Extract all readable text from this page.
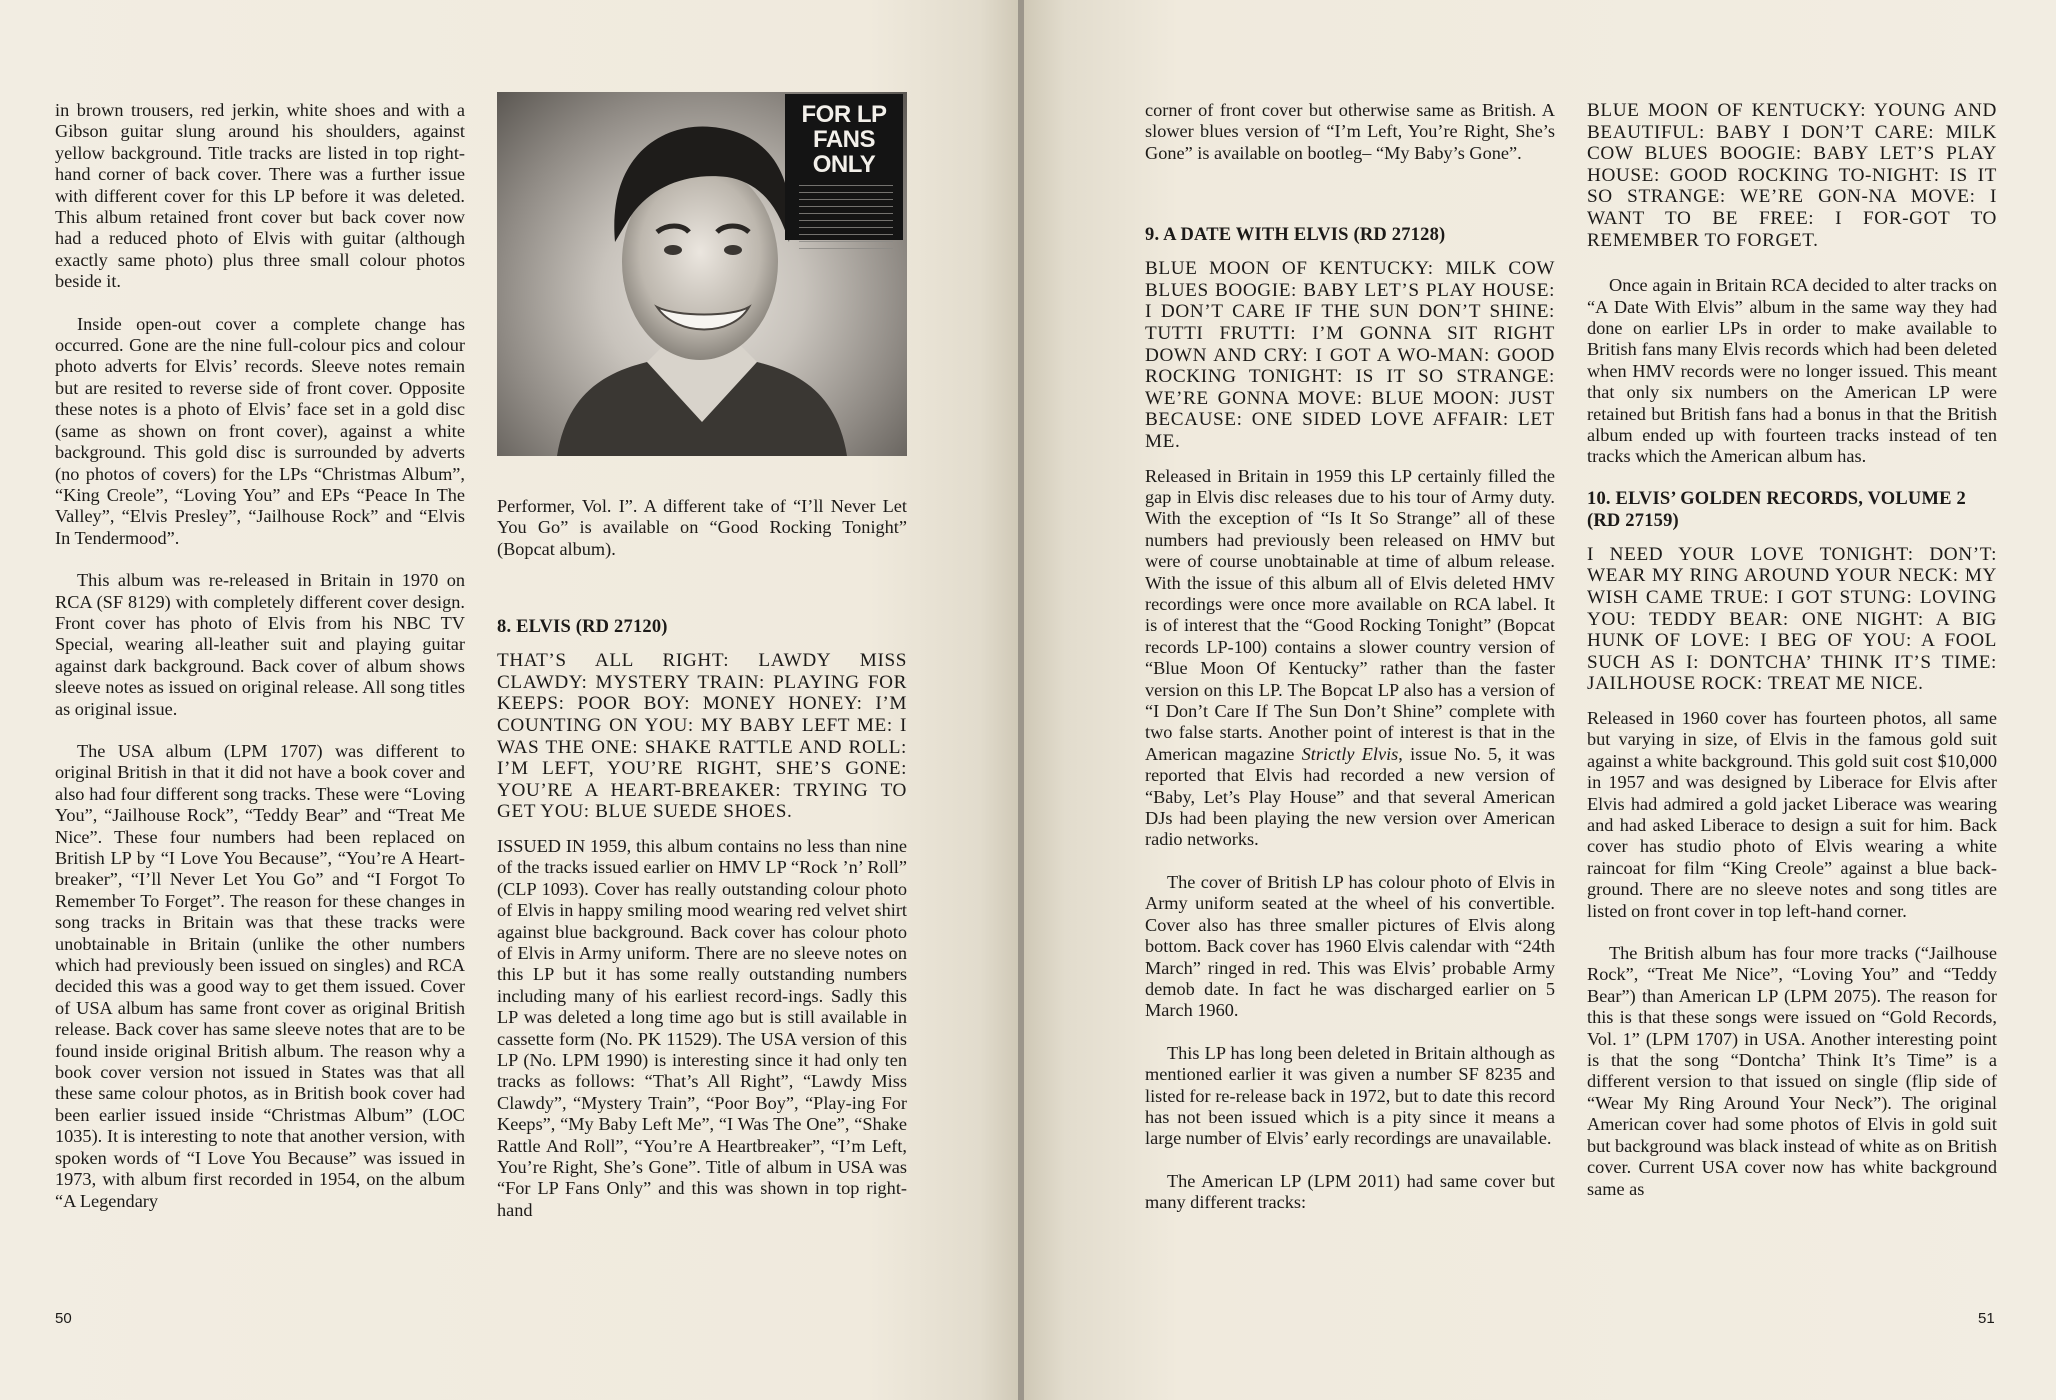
in brown trousers, red jerkin, white shoes and with a Gibson guitar slung around his shoulders, against yellow background. Title tracks are listed in top right-hand corner of back cover. There was a further issue with different cover for this LP before it was deleted. This album retained front cover but back cover now had a reduced photo of Elvis with guitar (although exactly same photo) plus three small colour photos beside it.

Inside open-out cover a complete change has occurred. Gone are the nine full-colour pics and colour photo adverts for Elvis’ records. Sleeve notes remain but are resited to reverse side of front cover. Opposite these notes is a photo of Elvis’ face set in a gold disc (same as shown on front cover), against a white background. This gold disc is surrounded by adverts (no photos of covers) for the LPs “Christmas Album”, “King Creole”, “Loving You” and EPs “Peace In The Valley”, “Elvis Presley”, “Jailhouse Rock” and “Elvis In Tendermood”.

This album was re-released in Britain in 1970 on RCA (SF 8129) with completely different cover design. Front cover has photo of Elvis from his NBC TV Special, wearing all-leather suit and playing guitar against dark background. Back cover of album shows sleeve notes as issued on original release. All song titles as original issue.

The USA album (LPM 1707) was different to original British in that it did not have a book cover and also had four different song tracks. These were “Loving You”, “Jailhouse Rock”, “Teddy Bear” and “Treat Me Nice”. These four numbers had been replaced on British LP by “I Love You Because”, “You’re A Heart-breaker”, “I’ll Never Let You Go” and “I Forgot To Remember To Forget”. The reason for these changes in song tracks in Britain was that these tracks were unobtainable in Britain (unlike the other numbers which had previously been issued on singles) and RCA decided this was a good way to get them issued. Cover of USA album has same front cover as original British release. Back cover has same sleeve notes that are to be found inside original British album. The reason why a book cover version not issued in States was that all these same colour photos, as in British book cover had been earlier issued inside “Christmas Album” (LOC 1035). It is interesting to note that another version, with spoken words of “I Love You Because” was issued in 1973, with album first recorded in 1954, on the album “A Legendary

FOR LP
FANS ONLY

Performer, Vol. I”. A different take of “I’ll Never Let You Go” is available on “Good Rocking Tonight” (Bopcat album).

8. ELVIS (RD 27120)

THAT’S ALL RIGHT: LAWDY MISS CLAWDY: MYSTERY TRAIN: PLAYING FOR KEEPS: POOR BOY: MONEY HONEY: I’M COUNTING ON YOU: MY BABY LEFT ME: I WAS THE ONE: SHAKE RATTLE AND ROLL: I’M LEFT, YOU’RE RIGHT, SHE’S GONE: YOU’RE A HEART-BREAKER: TRYING TO GET YOU: BLUE SUEDE SHOES.

ISSUED IN 1959, this album contains no less than nine of the tracks issued earlier on HMV LP “Rock ’n’ Roll” (CLP 1093). Cover has really outstanding colour photo of Elvis in happy smiling mood wearing red velvet shirt against blue background. Back cover has colour photo of Elvis in Army uniform. There are no sleeve notes on this LP but it has some really outstanding numbers including many of his earliest record-ings. Sadly this LP was deleted a long time ago but is still available in cassette form (No. PK 11529). The USA version of this LP (No. LPM 1990) is interesting since it had only ten tracks as follows: “That’s All Right”, “Lawdy Miss Clawdy”, “Mystery Train”, “Poor Boy”, “Play-ing For Keeps”, “My Baby Left Me”, “I Was The One”, “Shake Rattle And Roll”, “You’re A Heartbreaker”, “I’m Left, You’re Right, She’s Gone”. Title of album in USA was “For LP Fans Only” and this was shown in top right-hand

50

corner of front cover but otherwise same as British. A slower blues version of “I’m Left, You’re Right, She’s Gone” is available on bootleg– “My Baby’s Gone”.

9. A DATE WITH ELVIS (RD 27128)

BLUE MOON OF KENTUCKY: MILK COW BLUES BOOGIE: BABY LET’S PLAY HOUSE: I DON’T CARE IF THE SUN DON’T SHINE: TUTTI FRUTTI: I’M GONNA SIT RIGHT DOWN AND CRY: I GOT A WO-MAN: GOOD ROCKING TONIGHT: IS IT SO STRANGE: WE’RE GONNA MOVE: BLUE MOON: JUST BECAUSE: ONE SIDED LOVE AFFAIR: LET ME.

Released in Britain in 1959 this LP certainly filled the gap in Elvis disc releases due to his tour of Army duty. With the exception of “Is It So Strange” all of these numbers had previously been released on HMV but were of course unobtainable at time of album release. With the issue of this album all of Elvis deleted HMV recordings were once more available on RCA label. It is of interest that the “Good Rocking Tonight” (Bopcat records LP-100) contains a slower country version of “Blue Moon Of Kentucky” rather than the faster version on this LP. The Bopcat LP also has a version of “I Don’t Care If The Sun Don’t Shine” complete with two false starts. Another point of interest is that in the American magazine Strictly Elvis, issue No. 5, it was reported that Elvis had recorded a new version of “Baby, Let’s Play House” and that several American DJs had been playing the new version over American radio networks.

The cover of British LP has colour photo of Elvis in Army uniform seated at the wheel of his convertible. Cover also has three smaller pictures of Elvis along bottom. Back cover has 1960 Elvis calendar with “24th March” ringed in red. This was Elvis’ probable Army demob date. In fact he was discharged earlier on 5 March 1960.

This LP has long been deleted in Britain although as mentioned earlier it was given a number SF 8235 and listed for re-release back in 1972, but to date this record has not been issued which is a pity since it means a large number of Elvis’ early recordings are unavailable.

The American LP (LPM 2011) had same cover but many different tracks:

BLUE MOON OF KENTUCKY: YOUNG AND BEAUTIFUL: BABY I DON’T CARE: MILK COW BLUES BOOGIE: BABY LET’S PLAY HOUSE: GOOD ROCKING TO-NIGHT: IS IT SO STRANGE: WE’RE GON-NA MOVE: I WANT TO BE FREE: I FOR-GOT TO REMEMBER TO FORGET.

Once again in Britain RCA decided to alter tracks on “A Date With Elvis” album in the same way they had done on earlier LPs in order to make available to British fans many Elvis records which had been deleted when HMV records were no longer issued. This meant that only six numbers on the American LP were retained but British fans had a bonus in that the British album ended up with fourteen tracks instead of ten tracks which the American album has.

10. ELVIS’ GOLDEN RECORDS, VOLUME 2 (RD 27159)

I NEED YOUR LOVE TONIGHT: DON’T: WEAR MY RING AROUND YOUR NECK: MY WISH CAME TRUE: I GOT STUNG: LOVING YOU: TEDDY BEAR: ONE NIGHT: A BIG HUNK OF LOVE: I BEG OF YOU: A FOOL SUCH AS I: DONTCHA’ THINK IT’S TIME: JAILHOUSE ROCK: TREAT ME NICE.

Released in 1960 cover has fourteen photos, all same but varying in size, of Elvis in the famous gold suit against a white background. This gold suit cost $10,000 in 1957 and was designed by Liberace for Elvis after Elvis had admired a gold jacket Liberace was wearing and had asked Liberace to design a suit for him. Back cover has studio photo of Elvis wearing a white raincoat for film “King Creole” against a blue back-ground. There are no sleeve notes and song titles are listed on front cover in top left-hand corner.

The British album has four more tracks (“Jailhouse Rock”, “Treat Me Nice”, “Loving You” and “Teddy Bear”) than American LP (LPM 2075). The reason for this is that these songs were issued on “Gold Records, Vol. 1” (LPM 1707) in USA. Another interesting point is that the song “Dontcha’ Think It’s Time” is a different version to that issued on single (flip side of “Wear My Ring Around Your Neck”). The original American cover had some photos of Elvis in gold suit but background was black instead of white as on British cover. Current USA cover now has white background same as

51
